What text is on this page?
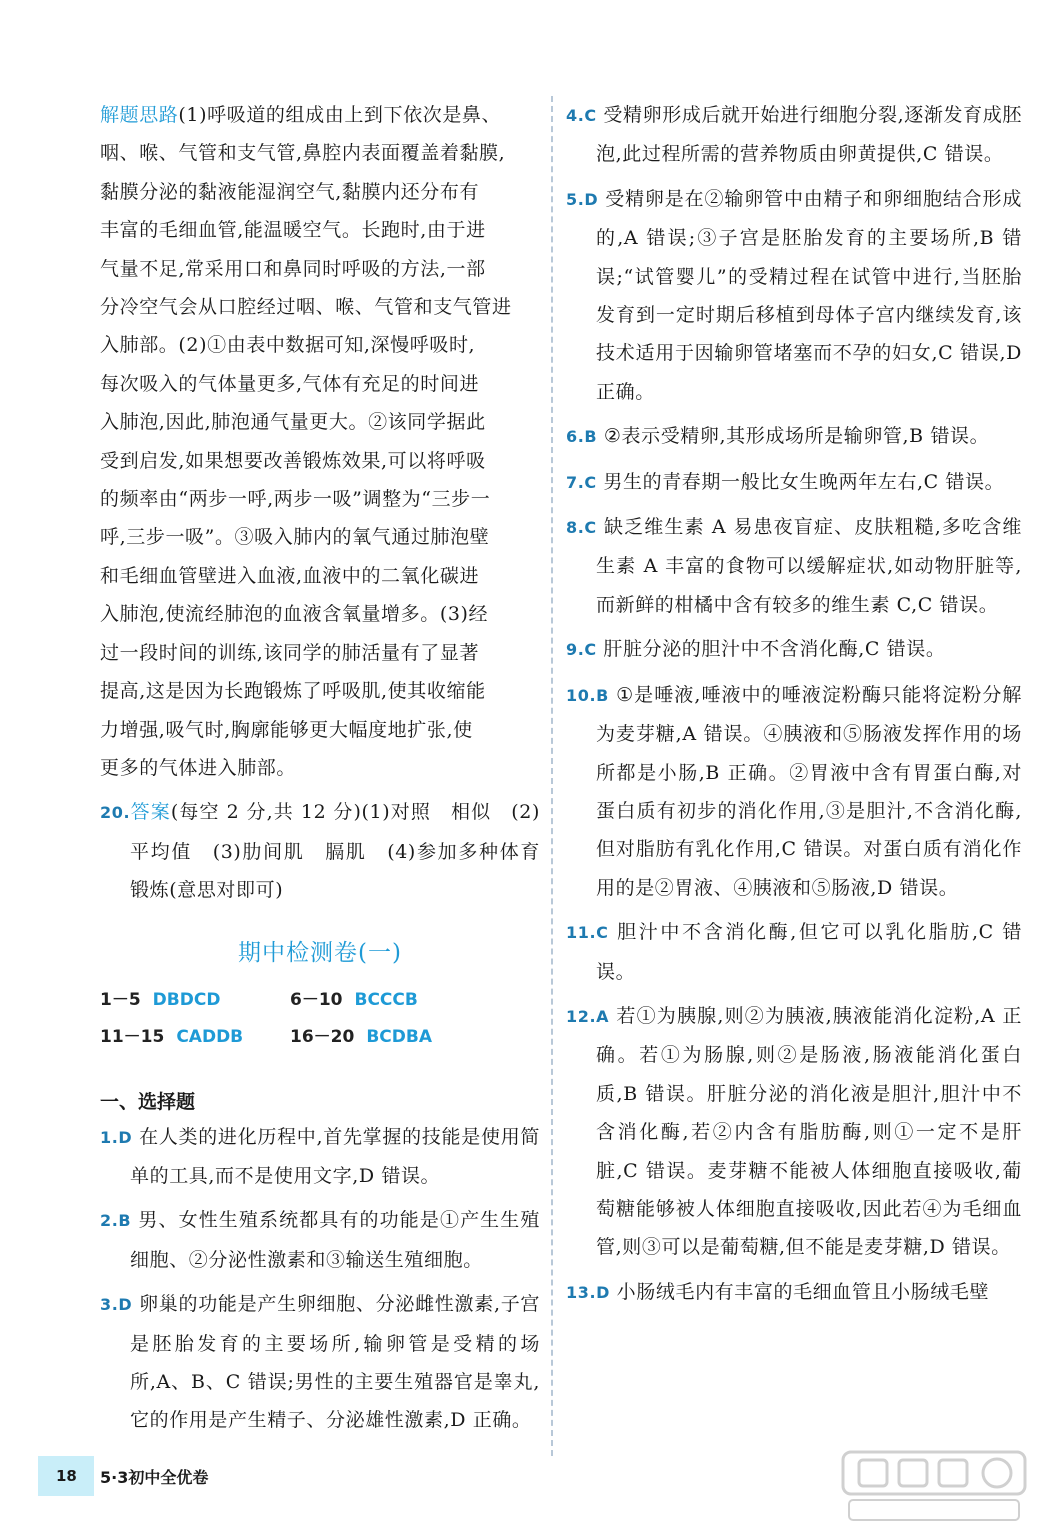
解题思路(1)呼吸道的组成由上到下依次是鼻、
咽、喉、气管和支气管,鼻腔内表面覆盖着黏膜,
黏膜分泌的黏液能湿润空气,黏膜内还分布有
丰富的毛细血管,能温暖空气。长跑时,由于进
气量不足,常采用口和鼻同时呼吸的方法,一部
分冷空气会从口腔经过咽、喉、气管和支气管进
入肺部。(2)①由表中数据可知,深慢呼吸时,
每次吸入的气体量更多,气体有充足的时间进
入肺泡,因此,肺泡通气量更大。②该同学据此
受到启发,如果想要改善锻炼效果,可以将呼吸
的频率由“两步一呼,两步一吸”调整为“三步一
呼,三步一吸”。③吸入肺内的氧气通过肺泡壁
和毛细血管壁进入血液,血液中的二氧化碳进
入肺泡,使流经肺泡的血液含氧量增多。(3)经
过一段时间的训练,该同学的肺活量有了显著
提高,这是因为长跑锻炼了呼吸肌,使其收缩能
力增强,吸气时,胸廓能够更大幅度地扩张,使
更多的气体进入肺部。

20.答案(每空 2 分,共 12 分)(1)对照　相似　(2)平均值　(3)肋间肌　膈肌　(4)参加多种体育锻炼(意思对即可)

期中检测卷(一)
1－5 DBDCD	6－10 BCCCB
11－15 CADDB	16－20 BCDBA
一、选择题

1.D 在人类的进化历程中,首先掌握的技能是使用简单的工具,而不是使用文字,D 错误。

2.B 男、女性生殖系统都具有的功能是①产生生殖细胞、②分泌性激素和③输送生殖细胞。

3.D 卵巢的功能是产生卵细胞、分泌雌性激素,子宫是胚胎发育的主要场所,输卵管是受精的场所,A、B、C 错误;男性的主要生殖器官是睾丸,它的作用是产生精子、分泌雄性激素,D 正确。

4.C 受精卵形成后就开始进行细胞分裂,逐渐发育成胚泡,此过程所需的营养物质由卵黄提供,C 错误。

5.D 受精卵是在②输卵管中由精子和卵细胞结合形成的,A 错误;③子宫是胚胎发育的主要场所,B 错误;“试管婴儿”的受精过程在试管中进行,当胚胎发育到一定时期后移植到母体子宫内继续发育,该技术适用于因输卵管堵塞而不孕的妇女,C 错误,D 正确。

6.B ②表示受精卵,其形成场所是输卵管,B 错误。

7.C 男生的青春期一般比女生晚两年左右,C 错误。

8.C 缺乏维生素 A 易患夜盲症、皮肤粗糙,多吃含维生素 A 丰富的食物可以缓解症状,如动物肝脏等,而新鲜的柑橘中含有较多的维生素 C,C 错误。

9.C 肝脏分泌的胆汁中不含消化酶,C 错误。

10.B ①是唾液,唾液中的唾液淀粉酶只能将淀粉分解为麦芽糖,A 错误。④胰液和⑤肠液发挥作用的场所都是小肠,B 正确。②胃液中含有胃蛋白酶,对蛋白质有初步的消化作用,③是胆汁,不含消化酶,但对脂肪有乳化作用,C 错误。对蛋白质有消化作用的是②胃液、④胰液和⑤肠液,D 错误。

11.C 胆汁中不含消化酶,但它可以乳化脂肪,C 错误。

12.A 若①为胰腺,则②为胰液,胰液能消化淀粉,A 正确。若①为肠腺,则②是肠液,肠液能消化蛋白质,B 错误。肝脏分泌的消化液是胆汁,胆汁中不含消化酶,若②内含有脂肪酶,则①一定不是肝脏,C 错误。麦芽糖不能被人体细胞直接吸收,葡萄糖能够被人体细胞直接吸收,因此若④为毛细血管,则③可以是葡萄糖,但不能是麦芽糖,D 错误。

13.D 小肠绒毛内有丰富的毛细血管且小肠绒毛壁

18	5·3初中全优卷
